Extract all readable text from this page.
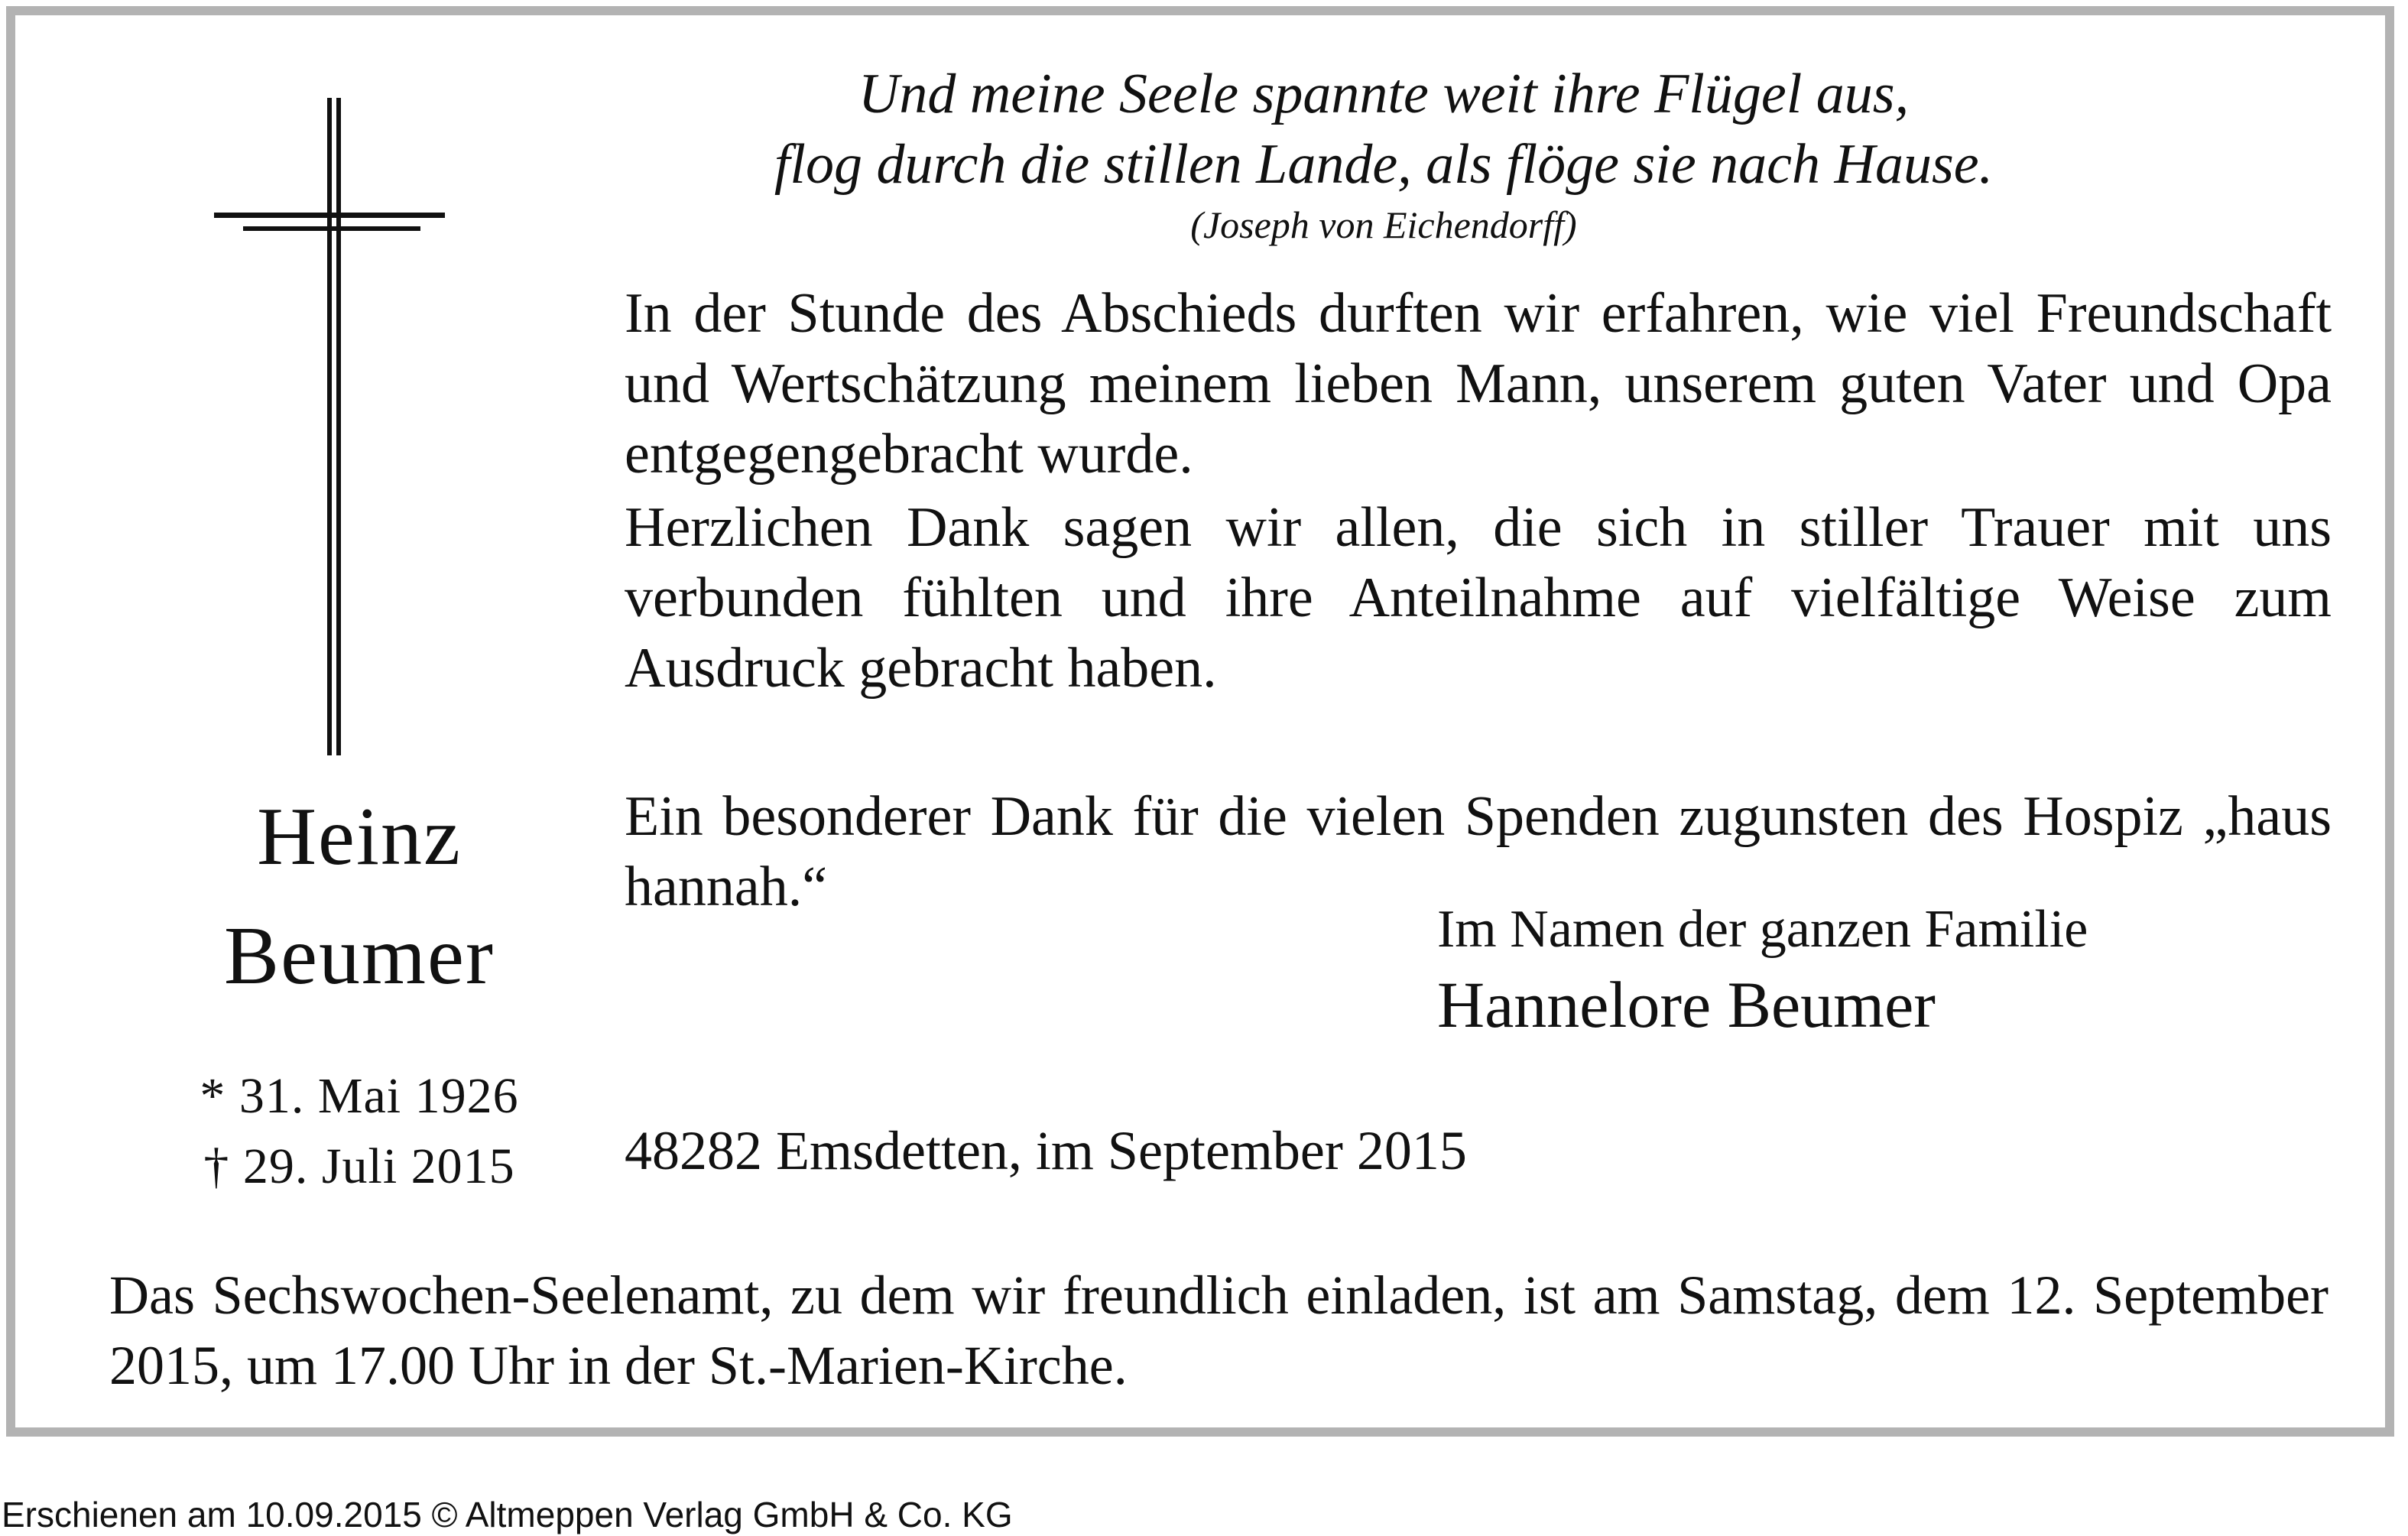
Und meine Seele spannte weit ihre Flügel aus,

flog durch die stillen Lande, als flöge sie nach Hause.

(Joseph von Eichendorff)

In der Stunde des Abschieds durften wir erfahren, wie viel Freundschaft und Wertschätzung meinem lieben Mann, unserem guten Vater und Opa entgegengebracht wurde.

Herzlichen Dank sagen wir allen, die sich in stiller Trauer mit uns verbunden fühlten und ihre Anteilnahme auf vielfältige Weise zum Ausdruck gebracht haben.

Ein besonderer Dank für die vielen Spenden zugunsten des Hospiz „haus hannah.“

Im Namen der ganzen Familie

Hannelore Beumer

48282 Emsdetten, im September 2015

Heinz

Beumer

* 31. Mai 1926

† 29. Juli 2015

Das Sechswochen-Seelenamt, zu dem wir freundlich einladen, ist am Samstag, dem 12. September 2015, um 17.00 Uhr in der St.-Marien-Kirche.

Erschienen am 10.09.2015 © Altmeppen Verlag GmbH & Co. KG
